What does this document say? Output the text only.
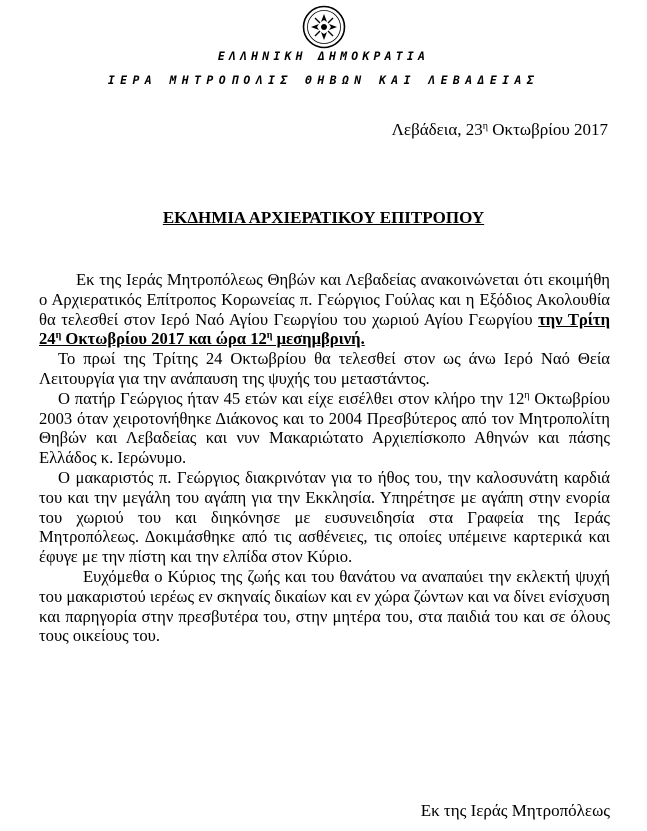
ΕΛΛΗΝΙΚΗ ΔΗΜΟΚΡΑΤΙΑ
ΙΕΡΑ ΜΗΤΡΟΠΟΛΙΣ ΘΗΒΩΝ ΚΑΙ ΛΕΒΑΔΕΙΑΣ
Λεβάδεια, $23^\eta$ Οκτωβρίου 2017
ΕΚΔΗΜΙΑ ΑΡΧΙΕΡΑΤΙΚΟΥ ΕΠΙΤΡΟΠΟΥ

Εκ της Ιεράς Μητροπόλεως Θηβών και Λεβαδείας ανακοινώνεται ότι εκοιμήθη ο Αρχιερατικός Επίτροπος Κορωνείας π. Γεώργιος Γούλας και η Εξόδιος Ακολουθία θα τελεσθεί στον Ιερό Ναό Αγίου Γεωργίου του χωριού Αγίου Γεωργίου την Τρίτη $24^\eta$ Οκτωβρίου 2017 και ώρα $12^\eta$ μεσημβρινή.

Το πρωί της Τρίτης 24 Οκτωβρίου θα τελεσθεί στον ως άνω Ιερό Ναό Θεία Λειτουργία για την ανάπαυση της ψυχής του μεταστάντος.

Ο πατήρ Γεώργιος ήταν 45 ετών και είχε εισέλθει στον κλήρο την $12^\eta$ Οκτωβρίου 2003 όταν χειροτονήθηκε Διάκονος και το 2004 Πρεσβύτερος από τον Μητροπολίτη Θηβών και Λεβαδείας και νυν Μακαριώτατο Αρχιεπίσκοπο Αθηνών και πάσης Ελλάδος κ. Ιερώνυμο.

Ο μακαριστός π. Γεώργιος διακρινόταν για το ήθος του, την καλοσυνάτη καρδιά του και την μεγάλη του αγάπη για την Εκκλησία. Υπηρέτησε με αγάπη στην ενορία του χωριού του και διηκόνησε με ευσυνειδησία στα Γραφεία της Ιεράς Μητροπόλεως. Δοκιμάσθηκε από τις ασθένειες, τις οποίες υπέμεινε καρτερικά και έφυγε με την πίστη και την ελπίδα στον Κύριο.

Ευχόμεθα ο Κύριος της ζωής και του θανάτου να αναπαύει την εκλεκτή ψυχή του μακαριστού ιερέως εν σκηναίς δικαίων και εν χώρα ζώντων και να δίνει ενίσχυση και παρηγορία στην πρεσβυτέρα του, στην μητέρα του, στα παιδιά του και σε όλους τους οικείους του.

Εκ της Ιεράς Μητροπόλεως
